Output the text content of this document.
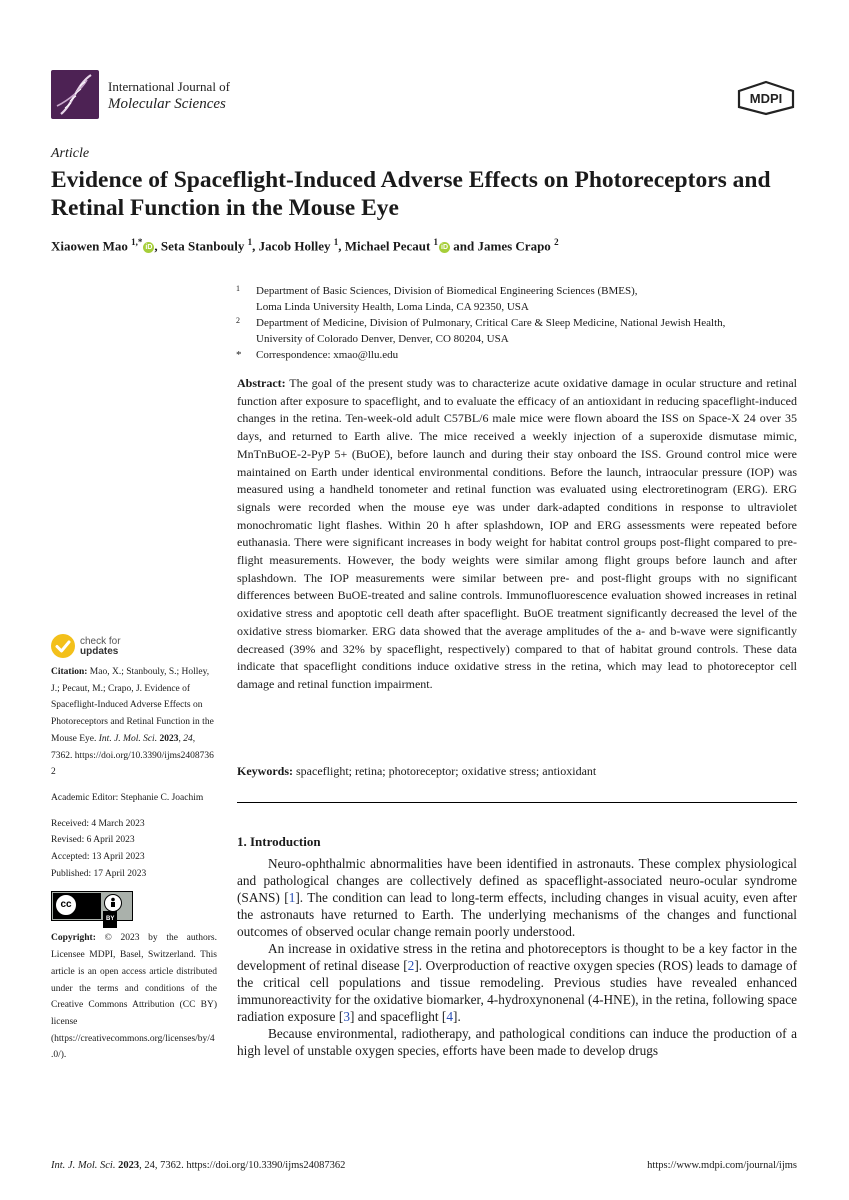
International Journal of
Molecular Sciences	MDPI
Article
Evidence of Spaceflight-Induced Adverse Effects on Photoreceptors and Retinal Function in the Mouse Eye
Xiaowen Mao $^{1,*}$iD , Seta Stanbouly $^1$, Jacob Holley $^1$, Michael Pecaut $^1$iD and James Crapo $^2$
1 Department of Basic Sciences, Division of Biomedical Engineering Sciences (BMES),
Loma Linda University Health, Loma Linda, CA 92350, USA
2 Department of Medicine, Division of Pulmonary, Critical Care & Sleep Medicine, National Jewish Health,
University of Colorado Denver, Denver, CO 80204, USA
* Correspondence: xmao@llu.edu
Abstract: The goal of the present study was to characterize acute oxidative damage in ocular structure and retinal function after exposure to spaceflight, and to evaluate the efficacy of an antioxidant in reducing spaceflight-induced changes in the retina. Ten-week-old adult C57BL/6 male mice were flown aboard the ISS on Space-X 24 over 35 days, and returned to Earth alive. The mice received a weekly injection of a superoxide dismutase mimic, MnTnBuOE-2-PyP 5+ (BuOE), before launch and during their stay onboard the ISS. Ground control mice were maintained on Earth under identical environmental conditions. Before the launch, intraocular pressure (IOP) was measured using a handheld tonometer and retinal function was evaluated using electroretinogram (ERG). ERG signals were recorded when the mouse eye was under dark-adapted conditions in response to ultraviolet monochromatic light flashes. Within 20 h after splashdown, IOP and ERG assessments were repeated before euthanasia. There were significant increases in body weight for habitat control groups post-flight compared to pre-flight measurements. However, the body weights were similar among flight groups before launch and after splashdown. The IOP measurements were similar between pre- and post-flight groups with no significant differences between BuOE-treated and saline controls. Immunofluorescence evaluation showed increases in retinal oxidative stress and apoptotic cell death after spaceflight. BuOE treatment significantly decreased the level of the oxidative stress biomarker. ERG data showed that the average amplitudes of the a- and b-wave were significantly decreased (39% and 32% by spaceflight, respectively) compared to that of habitat ground controls. These data indicate that spaceflight conditions induce oxidative stress in the retina, which may lead to photoreceptor cell damage and retinal function impairment.
Keywords: spaceflight; retina; photoreceptor; oxidative stress; antioxidant
1. Introduction

Neuro-ophthalmic abnormalities have been identified in astronauts. These complex physiological and pathological changes are collectively defined as spaceflight-associated neuro-ocular syndrome (SANS) [1]. The condition can lead to long-term effects, including changes in visual acuity, even after the astronauts have returned to Earth. The underlying mechanisms of the changes and functional outcomes of observed ocular change remain poorly understood.

An increase in oxidative stress in the retina and photoreceptors is thought to be a key factor in the development of retinal disease [2]. Overproduction of reactive oxygen species (ROS) leads to damage of the critical cell populations and tissue remodeling. Previous studies have revealed enhanced immunoreactivity for the oxidative biomarker, 4-hydroxynonenal (4-HNE), in the retina, following space radiation exposure [3] and spaceflight [4].

Because environmental, radiotherapy, and pathological conditions can induce the production of a high level of unstable oxygen species, efforts have been made to develop drugs

check for
updates
Citation: Mao, X.; Stanbouly, S.; Holley, J.; Pecaut, M.; Crapo, J. Evidence of Spaceflight-Induced Adverse Effects on Photoreceptors and Retinal Function in the Mouse Eye. Int. J. Mol. Sci. 2023, 24, 7362. https://doi.org/10.3390/ijms24087362
Academic Editor: Stephanie C. Joachim
Received: 4 March 2023
Revised: 6 April 2023
Accepted: 13 April 2023
Published: 17 April 2023
cc
BY
Copyright: © 2023 by the authors. Licensee MDPI, Basel, Switzerland. This article is an open access article distributed under the terms and conditions of the Creative Commons Attribution (CC BY) license (https://creativecommons.org/licenses/by/4.0/).
Int. J. Mol. Sci. 2023, 24, 7362. https://doi.org/10.3390/ijms24087362	https://www.mdpi.com/journal/ijms
